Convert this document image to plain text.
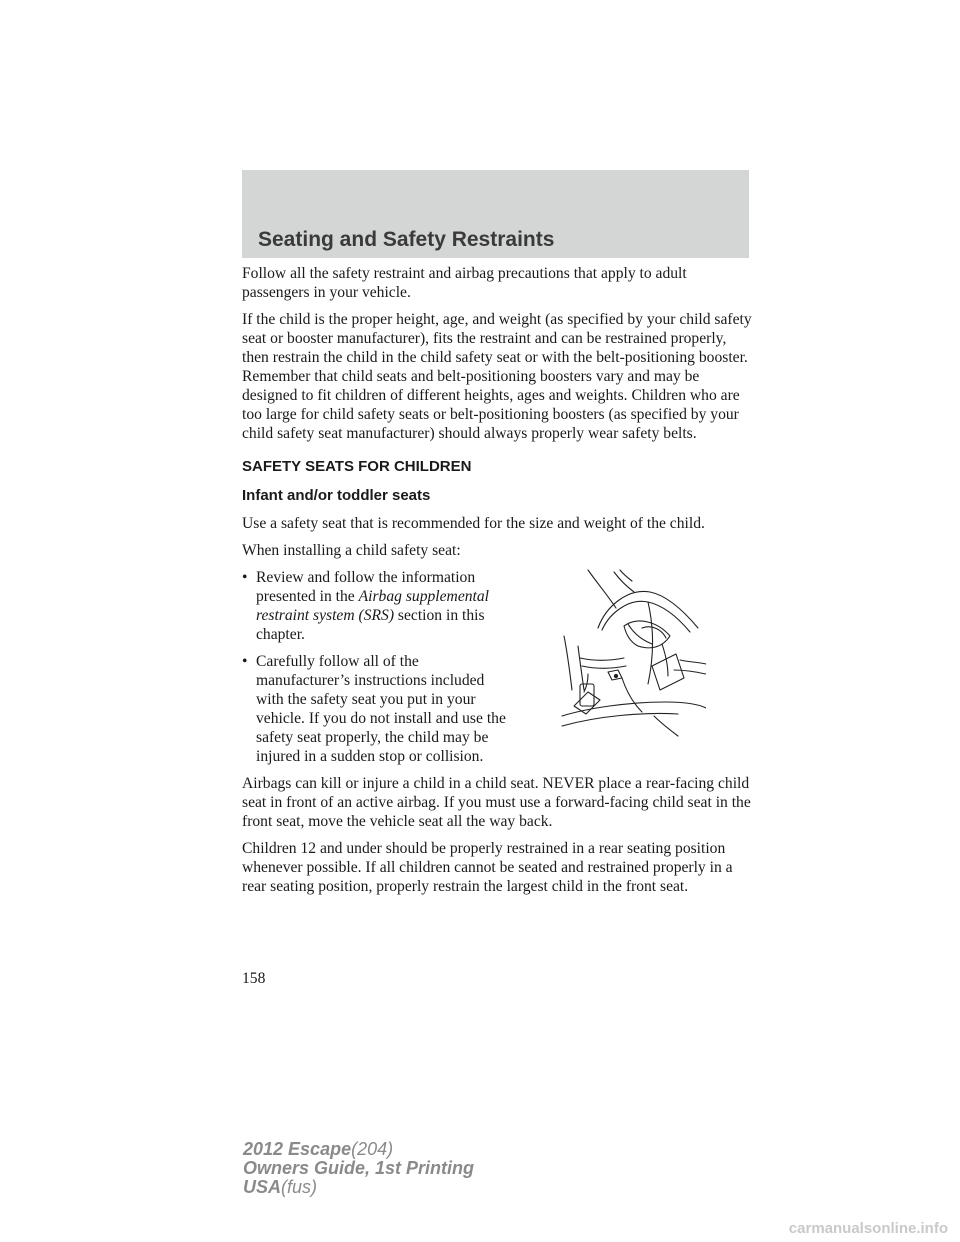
Seating and Safety Restraints

Follow all the safety restraint and airbag precautions that apply to adult passengers in your vehicle.

If the child is the proper height, age, and weight (as specified by your child safety seat or booster manufacturer), fits the restraint and can be restrained properly, then restrain the child in the child safety seat or with the belt-positioning booster. Remember that child seats and belt-positioning boosters vary and may be designed to fit children of different heights, ages and weights. Children who are too large for child safety seats or belt-positioning boosters (as specified by your child safety seat manufacturer) should always properly wear safety belts.

SAFETY SEATS FOR CHILDREN
Infant and/or toddler seats

Use a safety seat that is recommended for the size and weight of the child.

When installing a child safety seat:

• Review and follow the information presented in the Airbag supplemental restraint system (SRS) section in this chapter.
• Carefully follow all of the manufacturer’s instructions included with the safety seat you put in your vehicle. If you do not install and use the safety seat properly, the child may be injured in a sudden stop or collision.

Airbags can kill or injure a child in a child seat. NEVER place a rear-facing child seat in front of an active airbag. If you must use a forward-facing child seat in the front seat, move the vehicle seat all the way back.

Children 12 and under should be properly restrained in a rear seating position whenever possible. If all children cannot be seated and restrained properly in a rear seating position, properly restrain the largest child in the front seat.

158
2012 Escape(204)
Owners Guide, 1st Printing
USA(fus)
carmanualsonline.info
